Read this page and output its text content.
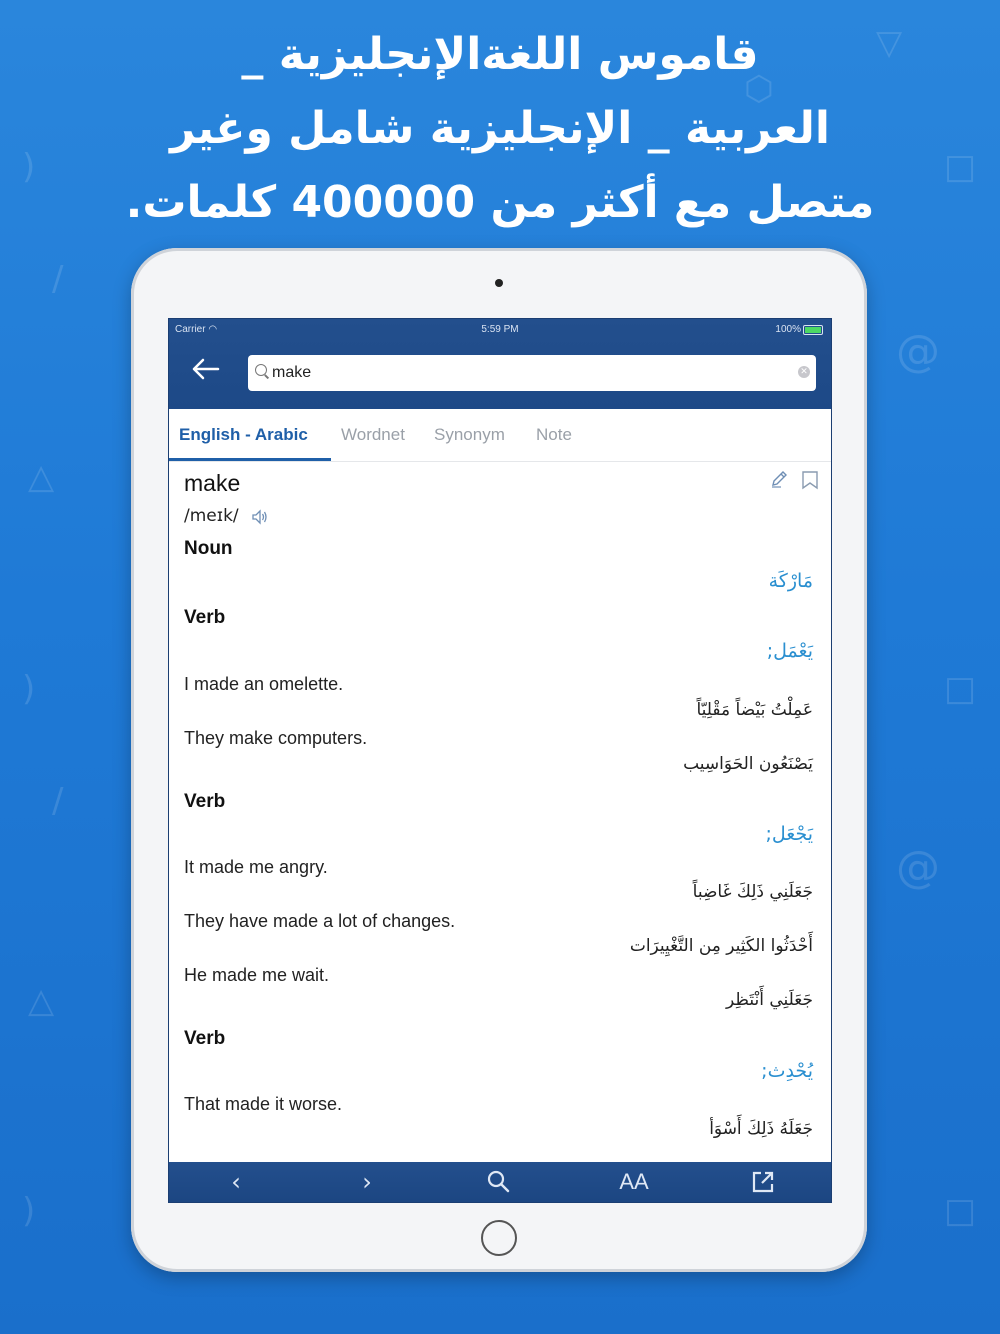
▽
⬡
□
@
△
□
@
△
□
/
/
)
)
)
قاموس اللغةالإنجليزية _
العربية _ الإنجليزية شامل وغير
متصل مع أكثر من 400000 كلمات.
Carrier ◠	5:59 PM	100%
make
✕
English - Arabic Wordnet Synonym Note
make
/meɪk/
Noun
مَارْكَة
Verb
يَعْمَل;
I made an omelette.
عَمِلْتُ بَيْضاً مَقْلِيّاً
They make computers.
يَصْنَعُون الحَوَاسِيب
Verb
يَجْعَل;
It made me angry.
جَعَلَنِي ذَلِكَ غَاضِباً
They have made a lot of changes.
أَحْدَثُوا الكَثِير مِن التَّغْيِيرَات
He made me wait.
جَعَلَنِي أَنْتَظِر
Verb
يُحْدِث;
That made it worse.
جَعَلَهُ ذَلِكَ أَسْوَأ
‹	›	AA
